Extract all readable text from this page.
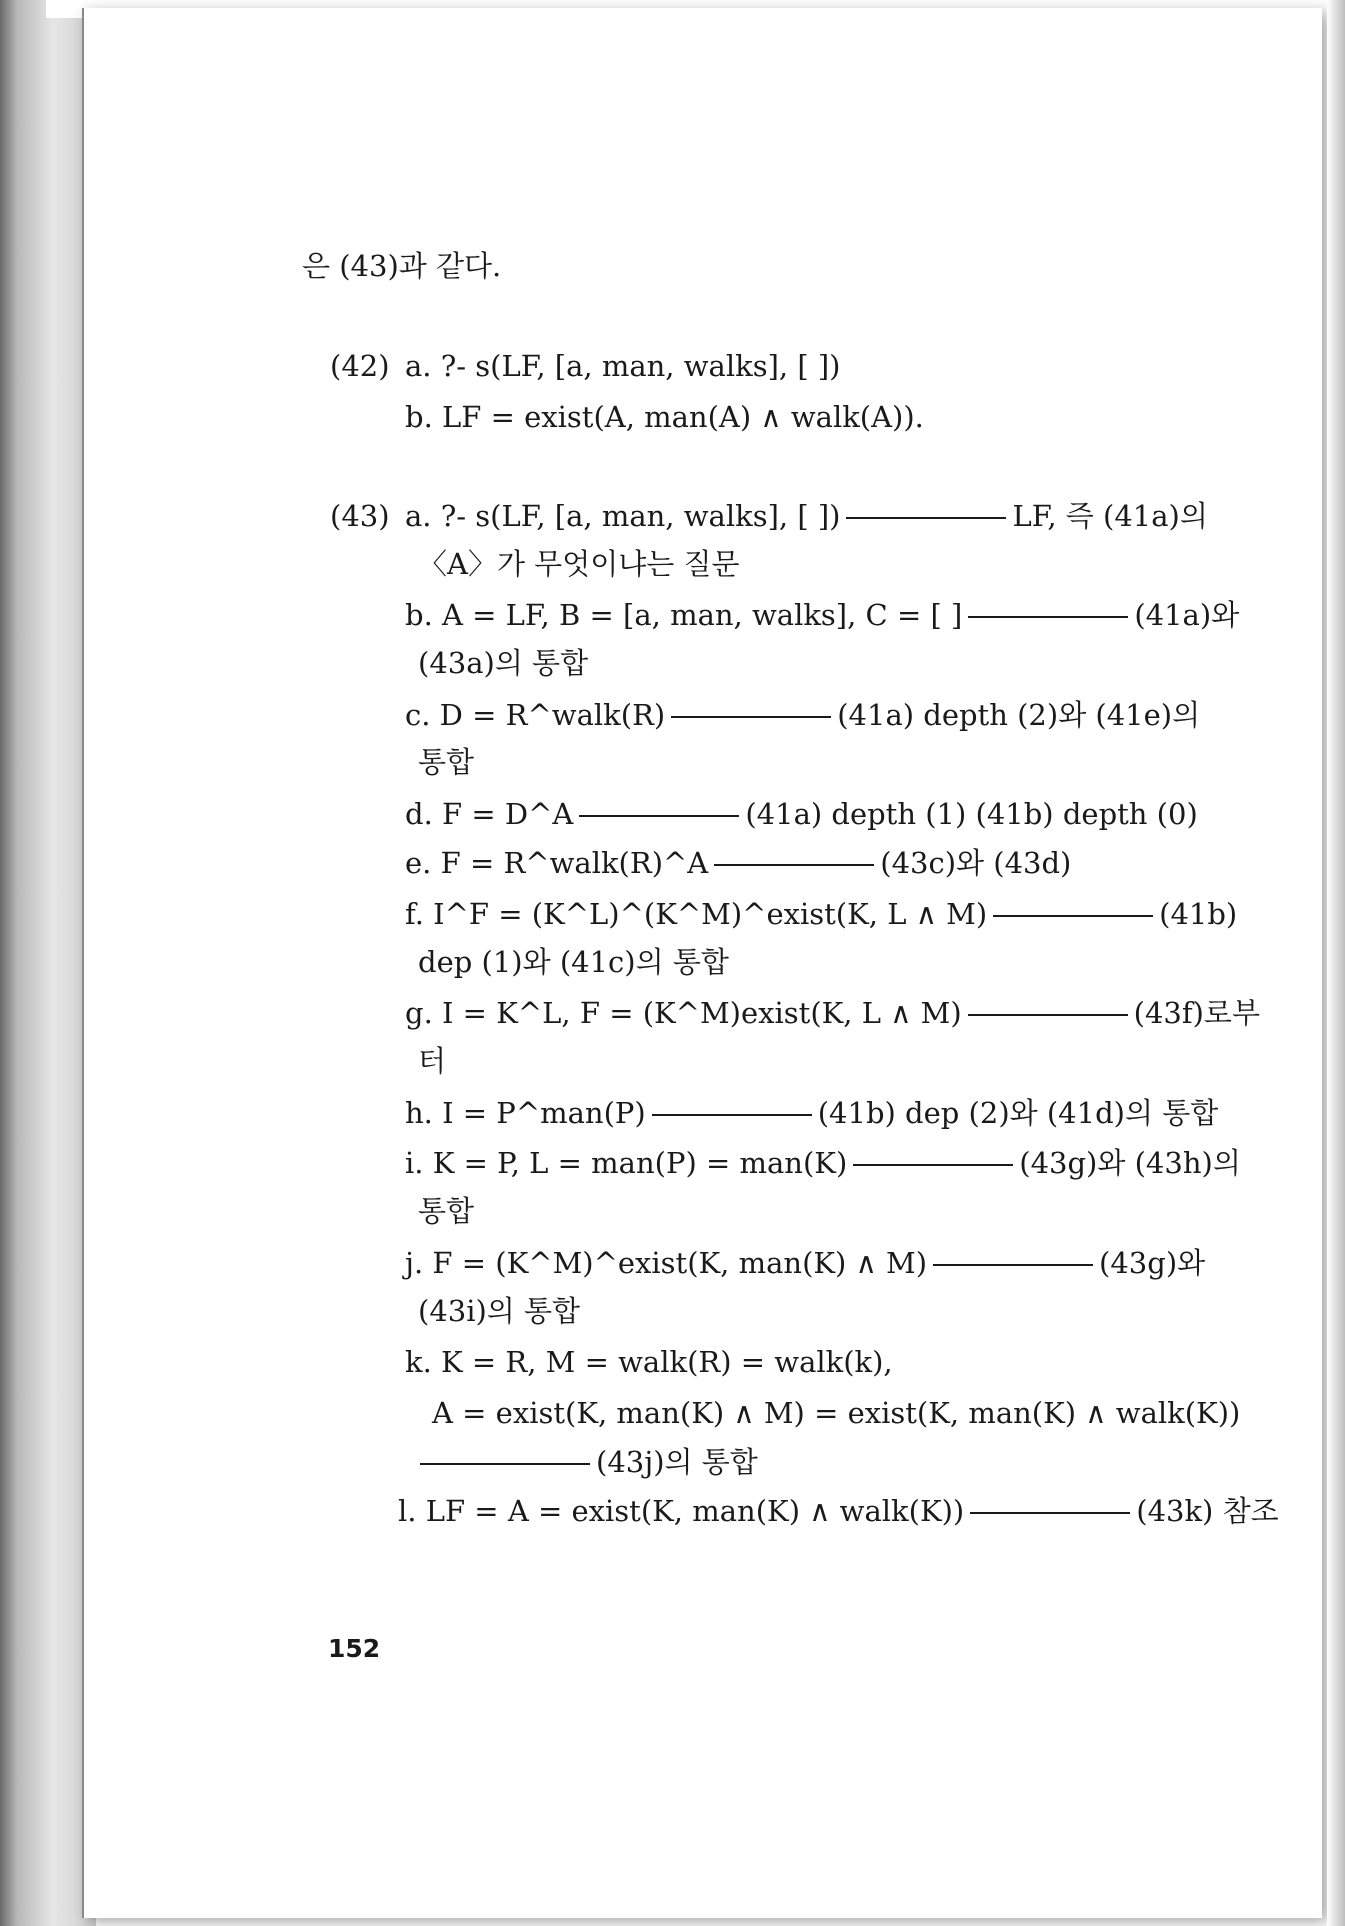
은 (43)과 같다.
(42) a. ?- s(LF, [a, man, walks], [ ])
b. LF = exist(A, man(A) ∧ walk(A)).
(43) a. ?- s(LF, [a, man, walks], [ ])	LF, 즉 (41a)의
〈A〉가 무엇이냐는 질문
b. A = LF, B = [a, man, walks], C = [ ]	(41a)와
(43a)의 통합
c. D = R^walk(R)	(41a) depth (2)와 (41e)의
통합
d. F = D^A	(41a) depth (1) (41b) depth (0)
e. F = R^walk(R)^A	(43c)와 (43d)
f. I^F = (K^L)^(K^M)^exist(K, L ∧ M)	(41b)
dep (1)와 (41c)의 통합
g. I = K^L, F = (K^M)exist(K, L ∧ M)	(43f)로부
터
h. I = P^man(P)	(41b) dep (2)와 (41d)의 통합
i. K = P, L = man(P) = man(K)	(43g)와 (43h)의
통합
j. F = (K^M)^exist(K, man(K) ∧ M)	(43g)와
(43i)의 통합
k. K = R, M = walk(R) = walk(k),
A = exist(K, man(K) ∧ M) = exist(K, man(K) ∧ walk(K))
(43j)의 통합
l. LF = A = exist(K, man(K) ∧ walk(K))	(43k) 참조
152
